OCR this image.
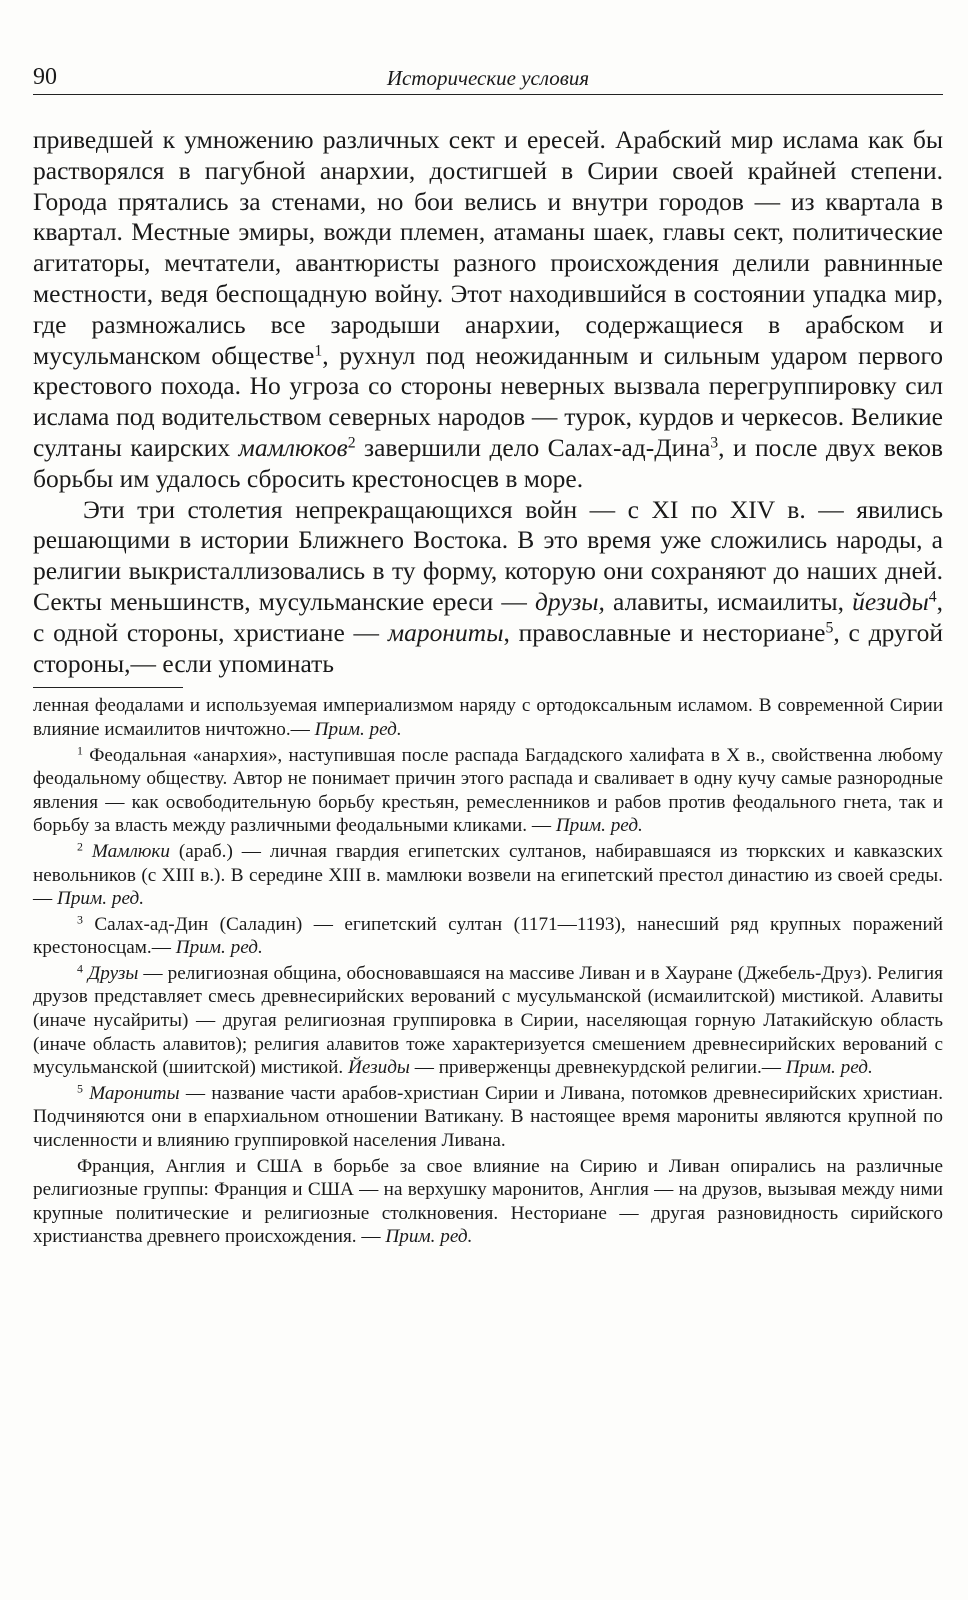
90	Исторические условия

приведшей к умножению различных сект и ересей. Арабский мир ислама как бы растворялся в пагубной анархии, достигшей в Сирии своей крайней степени. Города прятались за стенами, но бои велись и внутри городов — из квартала в квартал. Местные эмиры, вожди племен, атаманы шаек, главы сект, политические агитаторы, мечтатели, авантюристы разного происхождения делили равнинные местности, ведя беспощадную войну. Этот находившийся в состоянии упадка мир, где размножались все зародыши анархии, содержащиеся в арабском и мусульманском обществе$^1$, рухнул под неожиданным и сильным ударом первого крестового похода. Но угроза со стороны неверных вызвала перегруппировку сил ислама под водительством северных народов — турок, курдов и черкесов. Великие султаны каирских мамлюков$^2$ завершили дело Салах-ад-Дина$^3$, и после двух веков борьбы им удалось сбросить крестоносцев в море.

Эти три столетия непрекращающихся войн — с XI по XIV в. — явились решающими в истории Ближнего Востока. В это время уже сложились народы, а религии выкристаллизовались в ту форму, которую они сохраняют до наших дней. Секты меньшинств, мусульманские ереси — друзы, алавиты, исмаилиты, йезиды$^4$, с одной стороны, христиане — марониты, православные и несториане$^5$, с другой стороны,— если упоминать

ленная феодалами и используемая империализмом наряду с ортодоксальным исламом. В современной Сирии влияние исмаилитов ничтожно.— Прим. ред.

$^1$ Феодальная «анархия», наступившая после распада Багдадского халифата в X в., свойственна любому феодальному обществу. Автор не понимает причин этого распада и сваливает в одну кучу самые разнородные явления — как освободительную борьбу крестьян, ремесленников и рабов против феодального гнета, так и борьбу за власть между различными феодальными кликами. — Прим. ред.

$^2$ Мамлюки (араб.) — личная гвардия египетских султанов, набиравшаяся из тюркских и кавказских невольников (с XIII в.). В середине XIII в. мамлюки возвели на египетский престол династию из своей среды.— Прим. ред.

$^3$ Салах-ад-Дин (Саладин) — египетский султан (1171—1193), нанесший ряд крупных поражений крестоносцам.— Прим. ред.

$^4$ Друзы — религиозная община, обосновавшаяся на массиве Ливан и в Хауране (Джебель-Друз). Религия друзов представляет смесь древнесирийских верований с мусульманской (исмаилитской) мистикой. Алавиты (иначе нусайриты) — другая религиозная группировка в Сирии, населяющая горную Латакийскую область (иначе область алавитов); религия алавитов тоже характеризуется смешением древнесирийских верований с мусульманской (шиитской) мистикой. Йезиды — приверженцы древнекурдской религии.— Прим. ред.

$^5$ Марониты — название части арабов-христиан Сирии и Ливана, потомков древнесирийских христиан. Подчиняются они в епархиальном отношении Ватикану. В настоящее время марониты являются крупной по численности и влиянию группировкой населения Ливана.

Франция, Англия и США в борьбе за свое влияние на Сирию и Ливан опирались на различные религиозные группы: Франция и США — на верхушку маронитов, Англия — на друзов, вызывая между ними крупные политические и религиозные столкновения. Несториане — другая разновидность сирийского христианства древнего происхождения. — Прим. ред.
